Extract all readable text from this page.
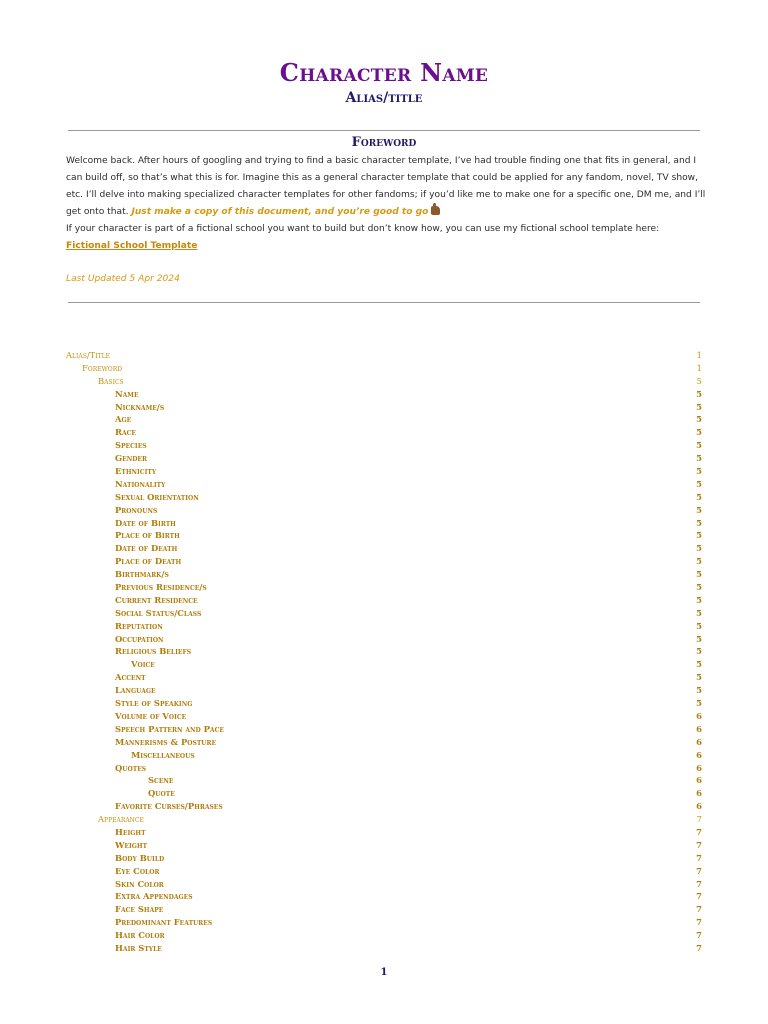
Character Name
Alias/title
Foreword

Welcome back. After hours of googling and trying to find a basic character template, I’ve had trouble finding one that fits in general, and I can build off, so that’s what this is for. Imagine this as a general character template that could be applied for any fandom, novel, TV show, etc. I’ll delve into making specialized character templates for other fandoms; if you’d like me to make one for a specific one, DM me, and I’ll get onto that. Just make a copy of this document, and you’re good to go

If your character is part of a fictional school you want to build but don’t know how, you can use my fictional school template here: Fictional School Template

Last Updated 5 Apr 2024
Alias/Title	1
Foreword	1
Basics	5
Name	5
Nickname/s	5
Age	5
Race	5
Species	5
Gender	5
Ethnicity	5
Nationality	5
Sexual Orientation	5
Pronouns	5
Date of Birth	5
Place of Birth	5
Date of Death	5
Place of Death	5
Birthmark/s	5
Previous Residence/s	5
Current Residence	5
Social Status/Class	5
Reputation	5
Occupation	5
Religious Beliefs	5
Voice	5
Accent	5
Language	5
Style of Speaking	5
Volume of Voice	6
Speech Pattern and Pace	6
Mannerisms & Posture	6
Miscellaneous	6
Quotes	6
Scene	6
Quote	6
Favorite Curses/Phrases	6
Appearance	7
Height	7
Weight	7
Body Build	7
Eye Color	7
Skin Color	7
Extra Appendages	7
Face Shape	7
Predominant Features	7
Hair Color	7
Hair Style	7
1
